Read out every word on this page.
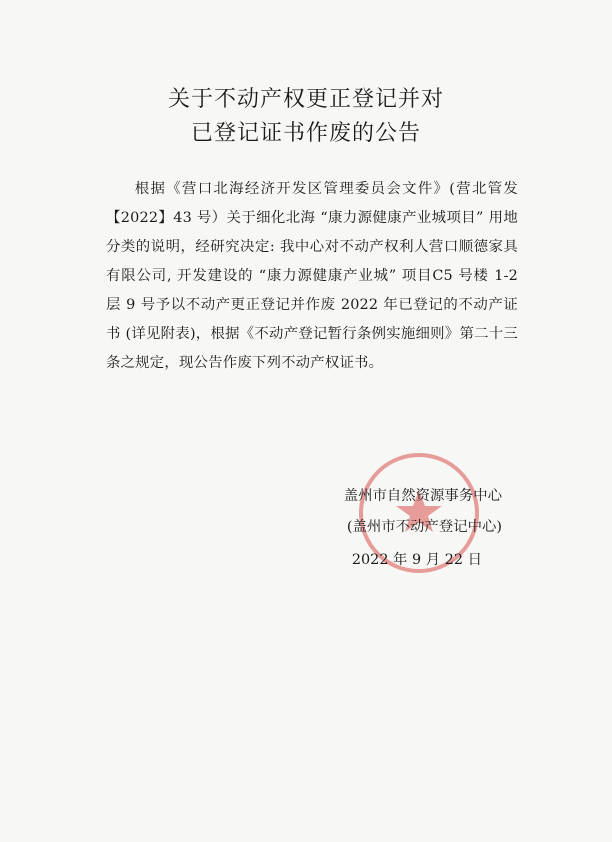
关于不动产权更正登记并对
已登记证书作废的公告

根据《营口北海经济开发区管理委员会文件》(营北管发【2022】43 号）关于细化北海 “康力源健康产业城项目” 用地分类的说明，经研究决定: 我中心对不动产权利人营口顺德家具有限公司, 开发建设的 “康力源健康产业城” 项目C5 号楼 1-2 层 9 号予以不动产更正登记并作废 2022 年已登记的不动产证书 (详见附表)，根据《不动产登记暂行条例实施细则》第二十三条之规定，现公告作废下列不动产权证书。

盖州市自然资源事务中心
(盖州市不动产登记中心)
2022 年 9 月 22 日
